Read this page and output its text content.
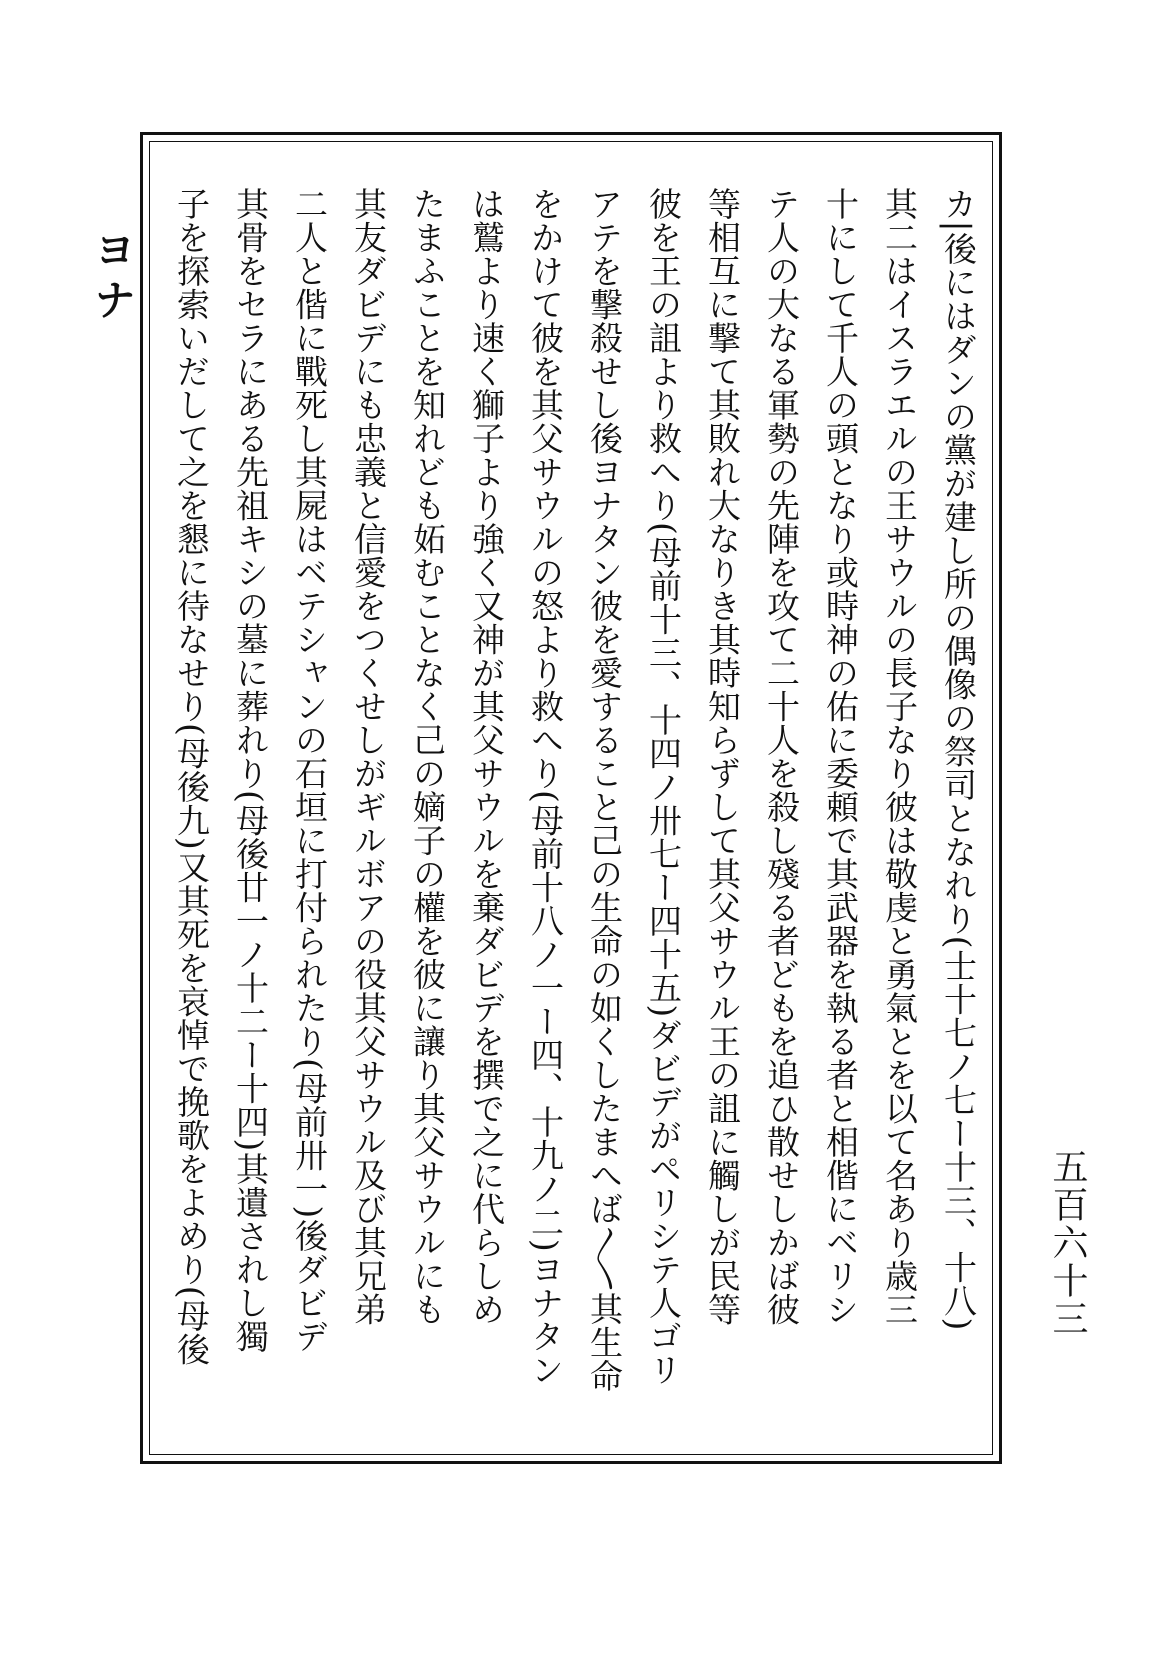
ヨナ	カ|後にはダンの黨が建し所の偶像の祭司となれり(士十七ノ七ー十三、十八)
其二はイスラエルの王サウルの長子なり彼は敬虔と勇氣とを以て名あり歳三
十にして千人の頭となり或時神の佑に委頼で其武器を執る者と相偕にベリシ
テ人の大なる軍勢の先陣を攻て二十人を殺し殘る者どもを追ひ散せしかば彼
等相互に撃て其敗れ大なりき其時知らずして其父サウル王の詛に觸しが民等
彼を王の詛より救へり(母前十三、十四ノ卅七ー四十五)ダビデがペリシテ人ゴリ
アテを撃殺せし後ヨナタン彼を愛すること己の生命の如くしたまへば〳〵其生命
をかけて彼を其父サウルの怒より救へり(母前十八ノ一ー四、十九ノ二)ヨナタン
は鷲より速く獅子より強く又神が其父サウルを棄ダビデを撰で之に代らしめ
たまふことを知れども妬むことなく己の嫡子の權を彼に讓り其父サウルにも
其友ダビデにも忠義と信愛をつくせしがギルボアの役其父サウル及び其兄弟
二人と偕に戰死し其屍はベテシャンの石垣に打付られたり(母前卅一)後ダビデ
其骨をセラにある先祖キシの墓に葬れり(母後廿一ノ十二ー十四)其遺されし獨
子を探索いだして之を懇に待なせり(母後九)又其死を哀悼で挽歌をよめり(母後	五百六十三
